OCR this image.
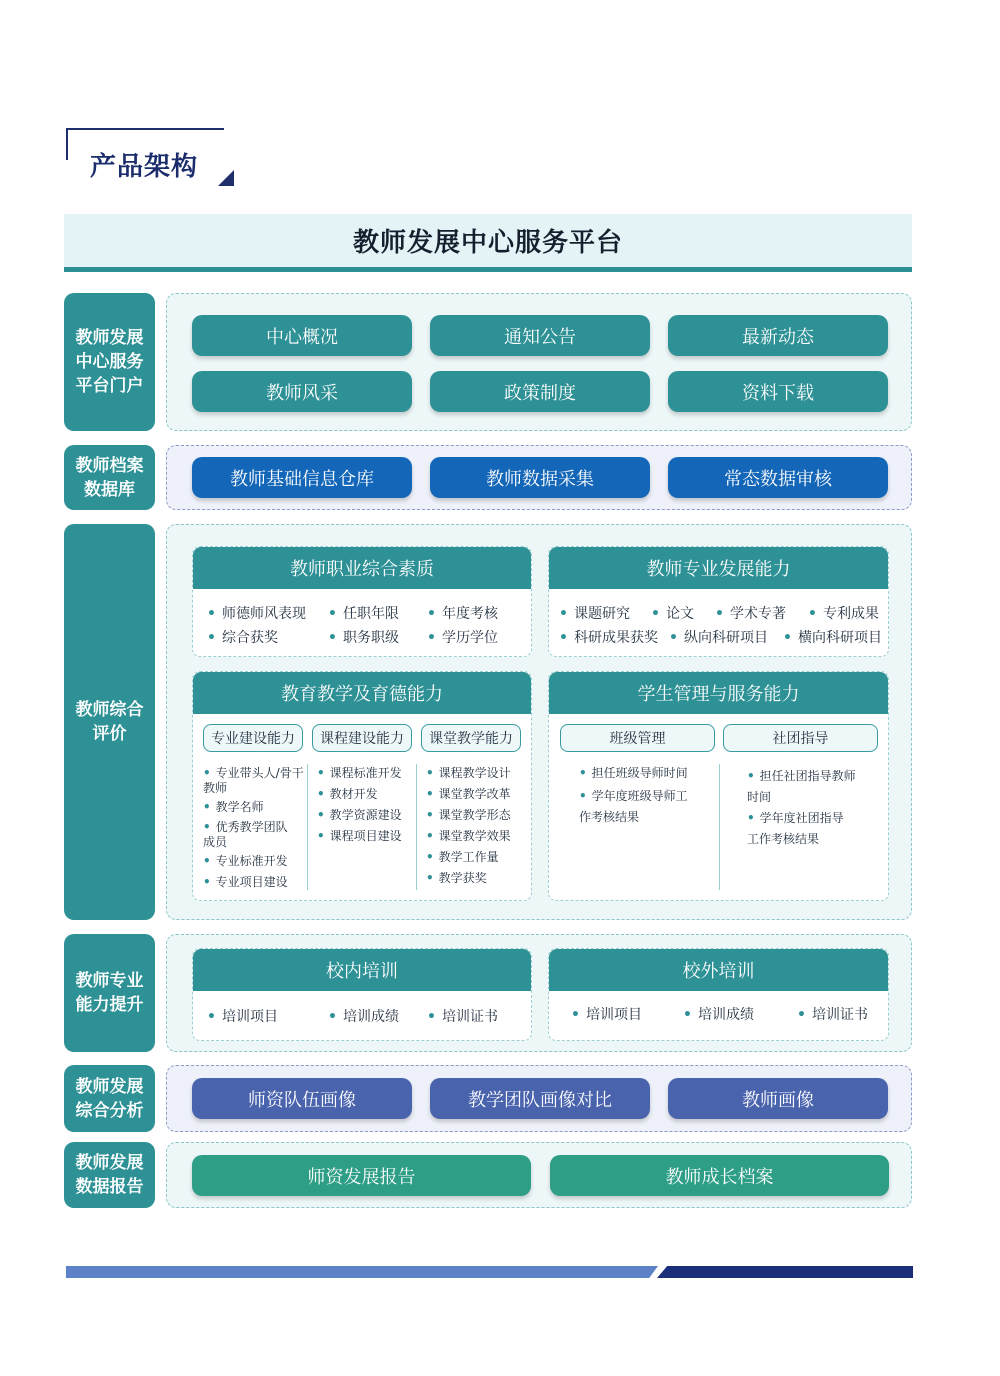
产品架构
教师发展中心服务平台
教师发展中心服务平台门户
中心概况	通知公告	最新动态
教师风采	政策制度	资料下载
教师档案数据库	教师基础信息仓库	教师数据采集	常态数据审核
教师综合评价
教师职业综合素质
• 师德师风表现	• 任职年限	• 年度考核
• 综合获奖	• 职务职级	• 学历学位
教师专业发展能力
• 课题研究	• 论文	• 学术专著	• 专利成果
• 科研成果获奖	• 纵向科研项目	• 横向科研项目
教育教学及育德能力
专业建设能力	课程建设能力	课堂教学能力
• 专业带头人/骨干教师
• 教学名师
• 优秀教学团队成员
• 专业标准开发
• 专业项目建设
• 课程标准开发
• 教材开发
• 教学资源建设
• 课程项目建设
• 课程教学设计
• 课堂教学改革
• 课堂教学形态
• 课堂教学效果
• 教学工作量
• 教学获奖
学生管理与服务能力
班级管理	社团指导
• 担任班级导师时间
• 学年度班级导师工作考核结果
• 担任社团指导教师时间
• 学年度社团指导工作考核结果
教师专业能力提升
校内培训
• 培训项目	• 培训成绩	• 培训证书
校外培训
• 培训项目	• 培训成绩	• 培训证书
教师发展综合分析	师资队伍画像	教学团队画像对比	教师画像
教师发展数据报告	师资发展报告	教师成长档案
